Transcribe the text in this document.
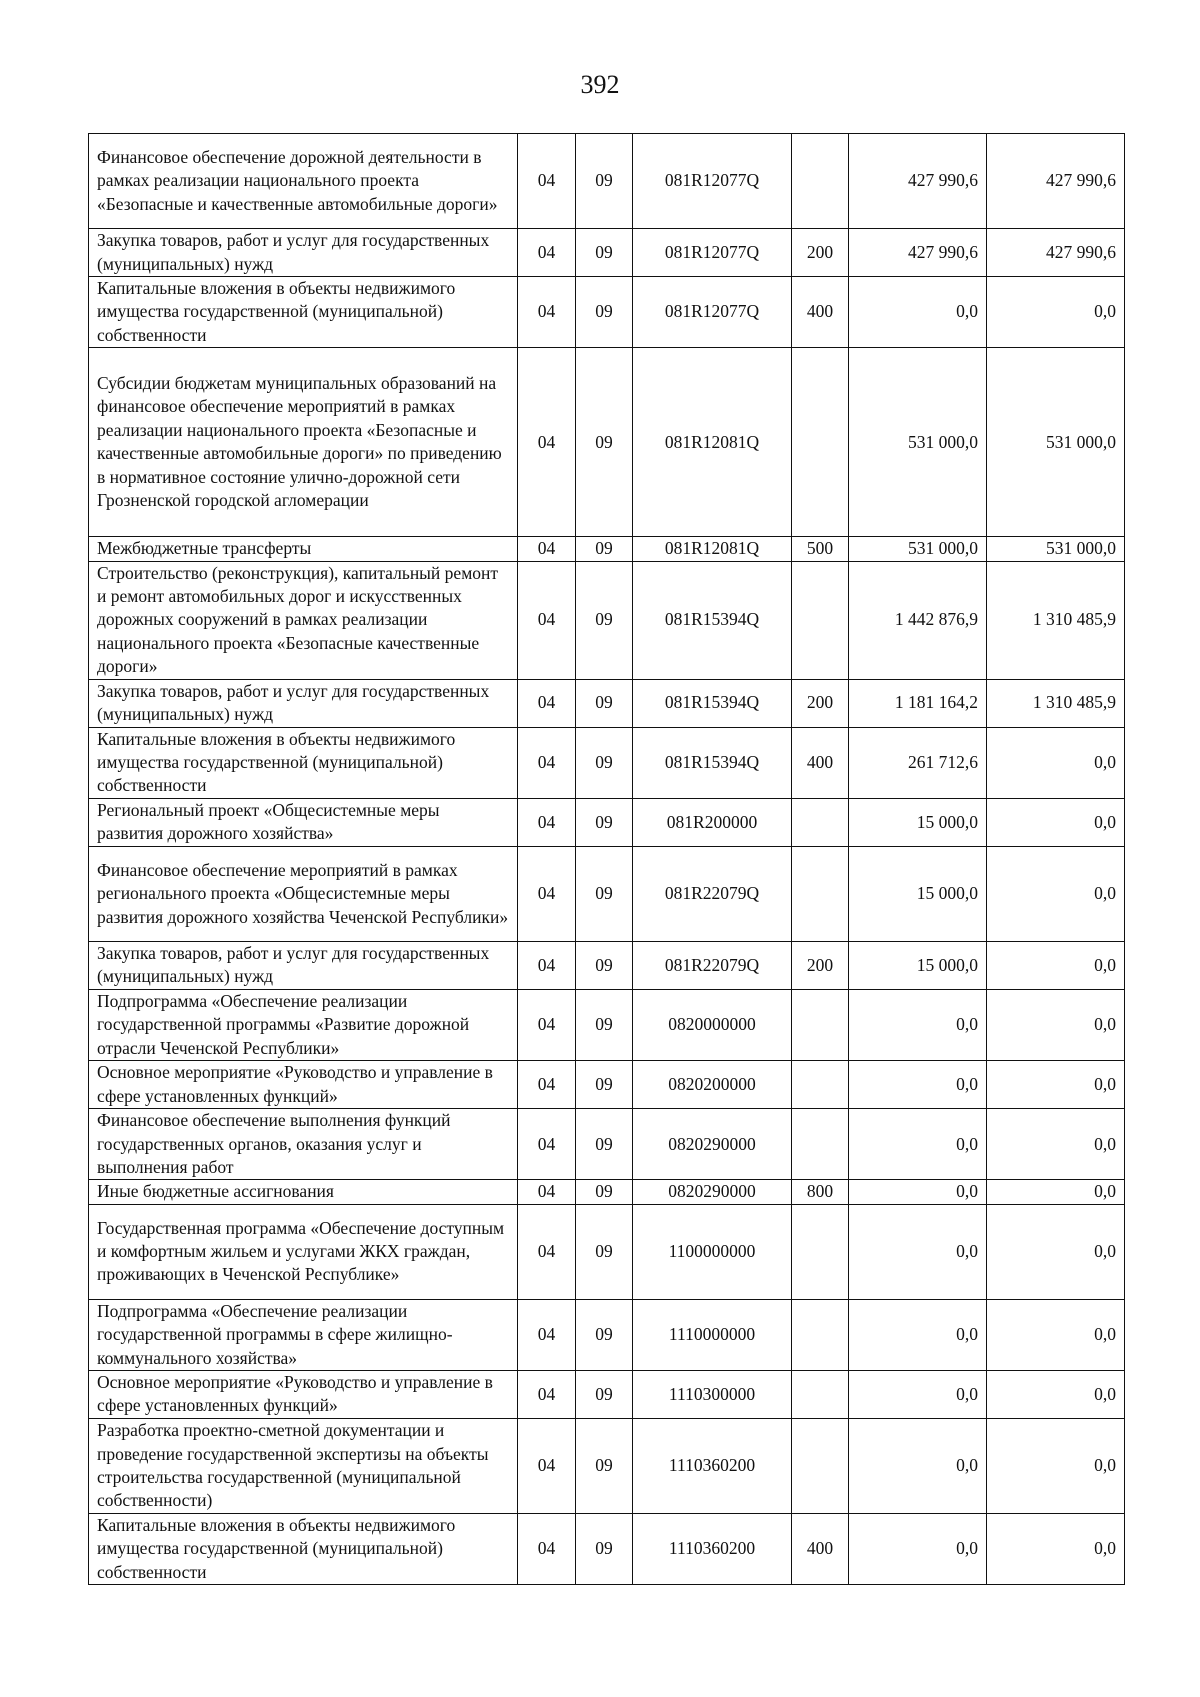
392
Финансовое обеспечение дорожной деятельности в рамках реализации национального проекта «Безопасные и качественные автомобильные дороги»	04	09	081R12077Q		427 990,6	427 990,6
Закупка товаров, работ и услуг для государственных (муниципальных) нужд	04	09	081R12077Q	200	427 990,6	427 990,6
Капитальные вложения в объекты недвижимого имущества государственной (муниципальной) собственности	04	09	081R12077Q	400	0,0	0,0
Субсидии бюджетам муниципальных образований на финансовое обеспечение мероприятий в рамках реализации национального проекта «Безопасные и качественные автомобильные дороги» по приведению в нормативное состояние улично-дорожной сети Грозненской городской агломерации	04	09	081R12081Q		531 000,0	531 000,0
Межбюджетные трансферты	04	09	081R12081Q	500	531 000,0	531 000,0
Строительство (реконструкция), капитальный ремонт и ремонт автомобильных дорог и искусственных дорожных сооружений в рамках реализации национального проекта «Безопасные качественные дороги»	04	09	081R15394Q		1 442 876,9	1 310 485,9
Закупка товаров, работ и услуг для государственных (муниципальных) нужд	04	09	081R15394Q	200	1 181 164,2	1 310 485,9
Капитальные вложения в объекты недвижимого имущества государственной (муниципальной) собственности	04	09	081R15394Q	400	261 712,6	0,0
Региональный проект «Общесистемные меры развития дорожного хозяйства»	04	09	081R200000		15 000,0	0,0
Финансовое обеспечение мероприятий в рамках регионального проекта «Общесистемные меры развития дорожного хозяйства Чеченской Республики»	04	09	081R22079Q		15 000,0	0,0
Закупка товаров, работ и услуг для государственных (муниципальных) нужд	04	09	081R22079Q	200	15 000,0	0,0
Подпрограмма «Обеспечение реализации государственной программы «Развитие дорожной отрасли Чеченской Республики»	04	09	0820000000		0,0	0,0
Основное мероприятие «Руководство и управление в сфере установленных функций»	04	09	0820200000		0,0	0,0
Финансовое обеспечение выполнения функций государственных органов, оказания услуг и выполнения работ	04	09	0820290000		0,0	0,0
Иные бюджетные ассигнования	04	09	0820290000	800	0,0	0,0
Государственная программа «Обеспечение доступным и комфортным жильем и услугами ЖКХ граждан, проживающих в Чеченской Республике»	04	09	1100000000		0,0	0,0
Подпрограмма «Обеспечение реализации государственной программы в сфере жилищно-коммунального хозяйства»	04	09	1110000000		0,0	0,0
Основное мероприятие «Руководство и управление в сфере установленных функций»	04	09	1110300000		0,0	0,0
Разработка проектно-сметной документации и проведение государственной экспертизы на объекты строительства государственной (муниципальной собственности)	04	09	1110360200		0,0	0,0
Капитальные вложения в объекты недвижимого имущества государственной (муниципальной) собственности	04	09	1110360200	400	0,0	0,0
